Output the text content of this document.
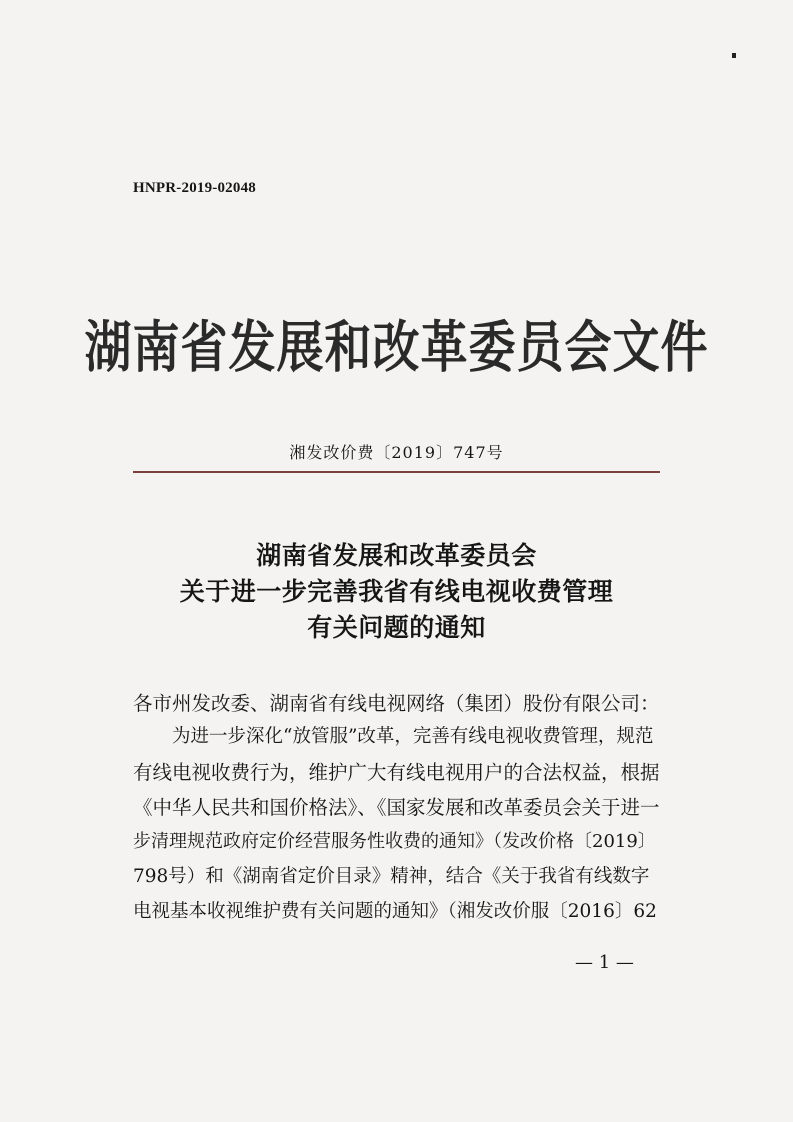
HNPR-2019-02048
湖南省发展和改革委员会文件
湘发改价费〔2019〕747号
湖南省发展和改革委员会
关于进一步完善我省有线电视收费管理
有关问题的通知
各市州发改委、湖南省有线电视网络（集团）股份有限公司：
为进一步深化“放管服”改革，完善有线电视收费管理，规范
有线电视收费行为，维护广大有线电视用户的合法权益，根据
《中华人民共和国价格法》、《国家发展和改革委员会关于进一
步清理规范政府定价经营服务性收费的通知》（发改价格〔2019〕
798号）和《湖南省定价目录》精神，结合《关于我省有线数字
电视基本收视维护费有关问题的通知》（湘发改价服〔2016〕62
— 1 —
